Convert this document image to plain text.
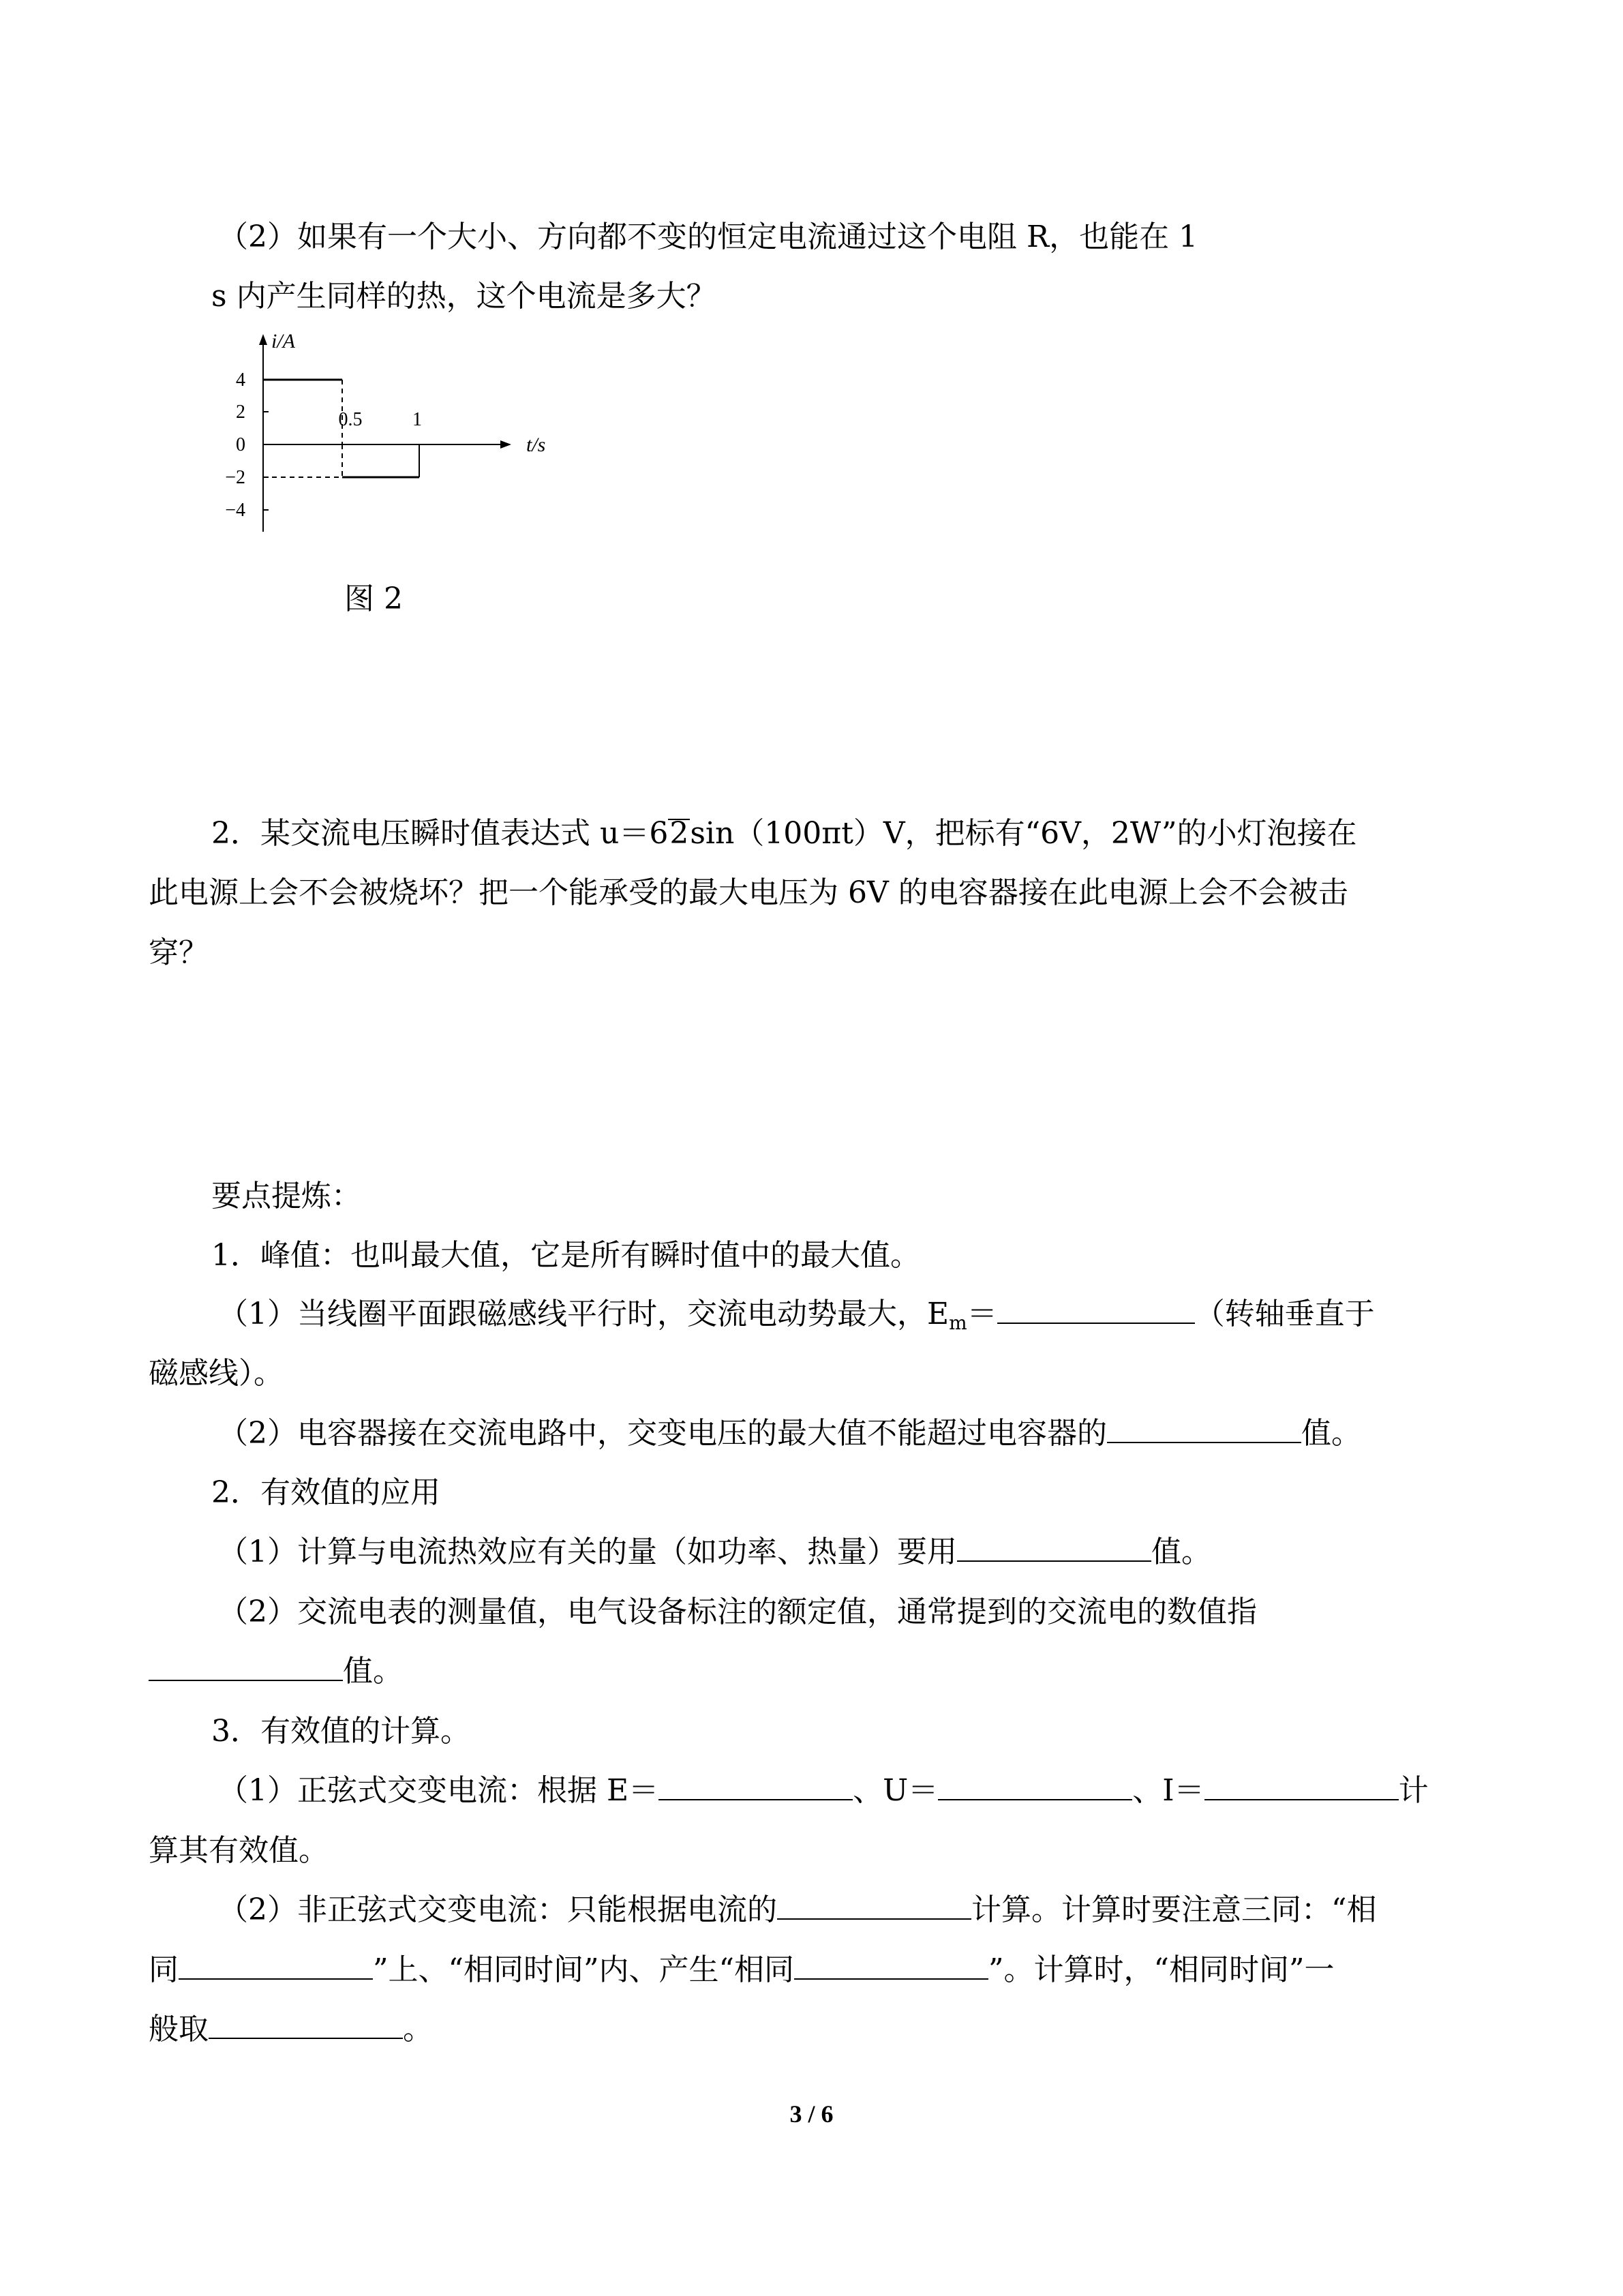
（2）如果有一个大小、方向都不变的恒定电流通过这个电阻 R，也能在 1
s 内产生同样的热，这个电流是多大？
4
2
0
−2
−4
i/A
t/s
0.5	1
图 2
2．某交流电压瞬时值表达式 u＝62sin（100πt）V，把标有“6V，2W”的小灯泡接在
此电源上会不会被烧坏？把一个能承受的最大电压为 6V 的电容器接在此电源上会不会被击
穿？
要点提炼：
1．峰值：也叫最大值，它是所有瞬时值中的最大值。
（1）当线圈平面跟磁感线平行时，交流电动势最大，$E_m=$	（转轴垂直于
磁感线）。
（2）电容器接在交流电路中，交变电压的最大值不能超过电容器的	值。
2．有效值的应用
（1）计算与电流热效应有关的量（如功率、热量）要用	值。
（2）交流电表的测量值，电气设备标注的额定值，通常提到的交流电的数值指
值。
3．有效值的计算。
（1）正弦式交变电流：根据 E＝	、U＝	、I＝	计
算其有效值。
（2）非正弦式交变电流：只能根据电流的	计算。计算时要注意三同：“相
同	”上、“相同时间”内、产生“相同	”。计算时，“相同时间”一
般取	。
3 / 6
